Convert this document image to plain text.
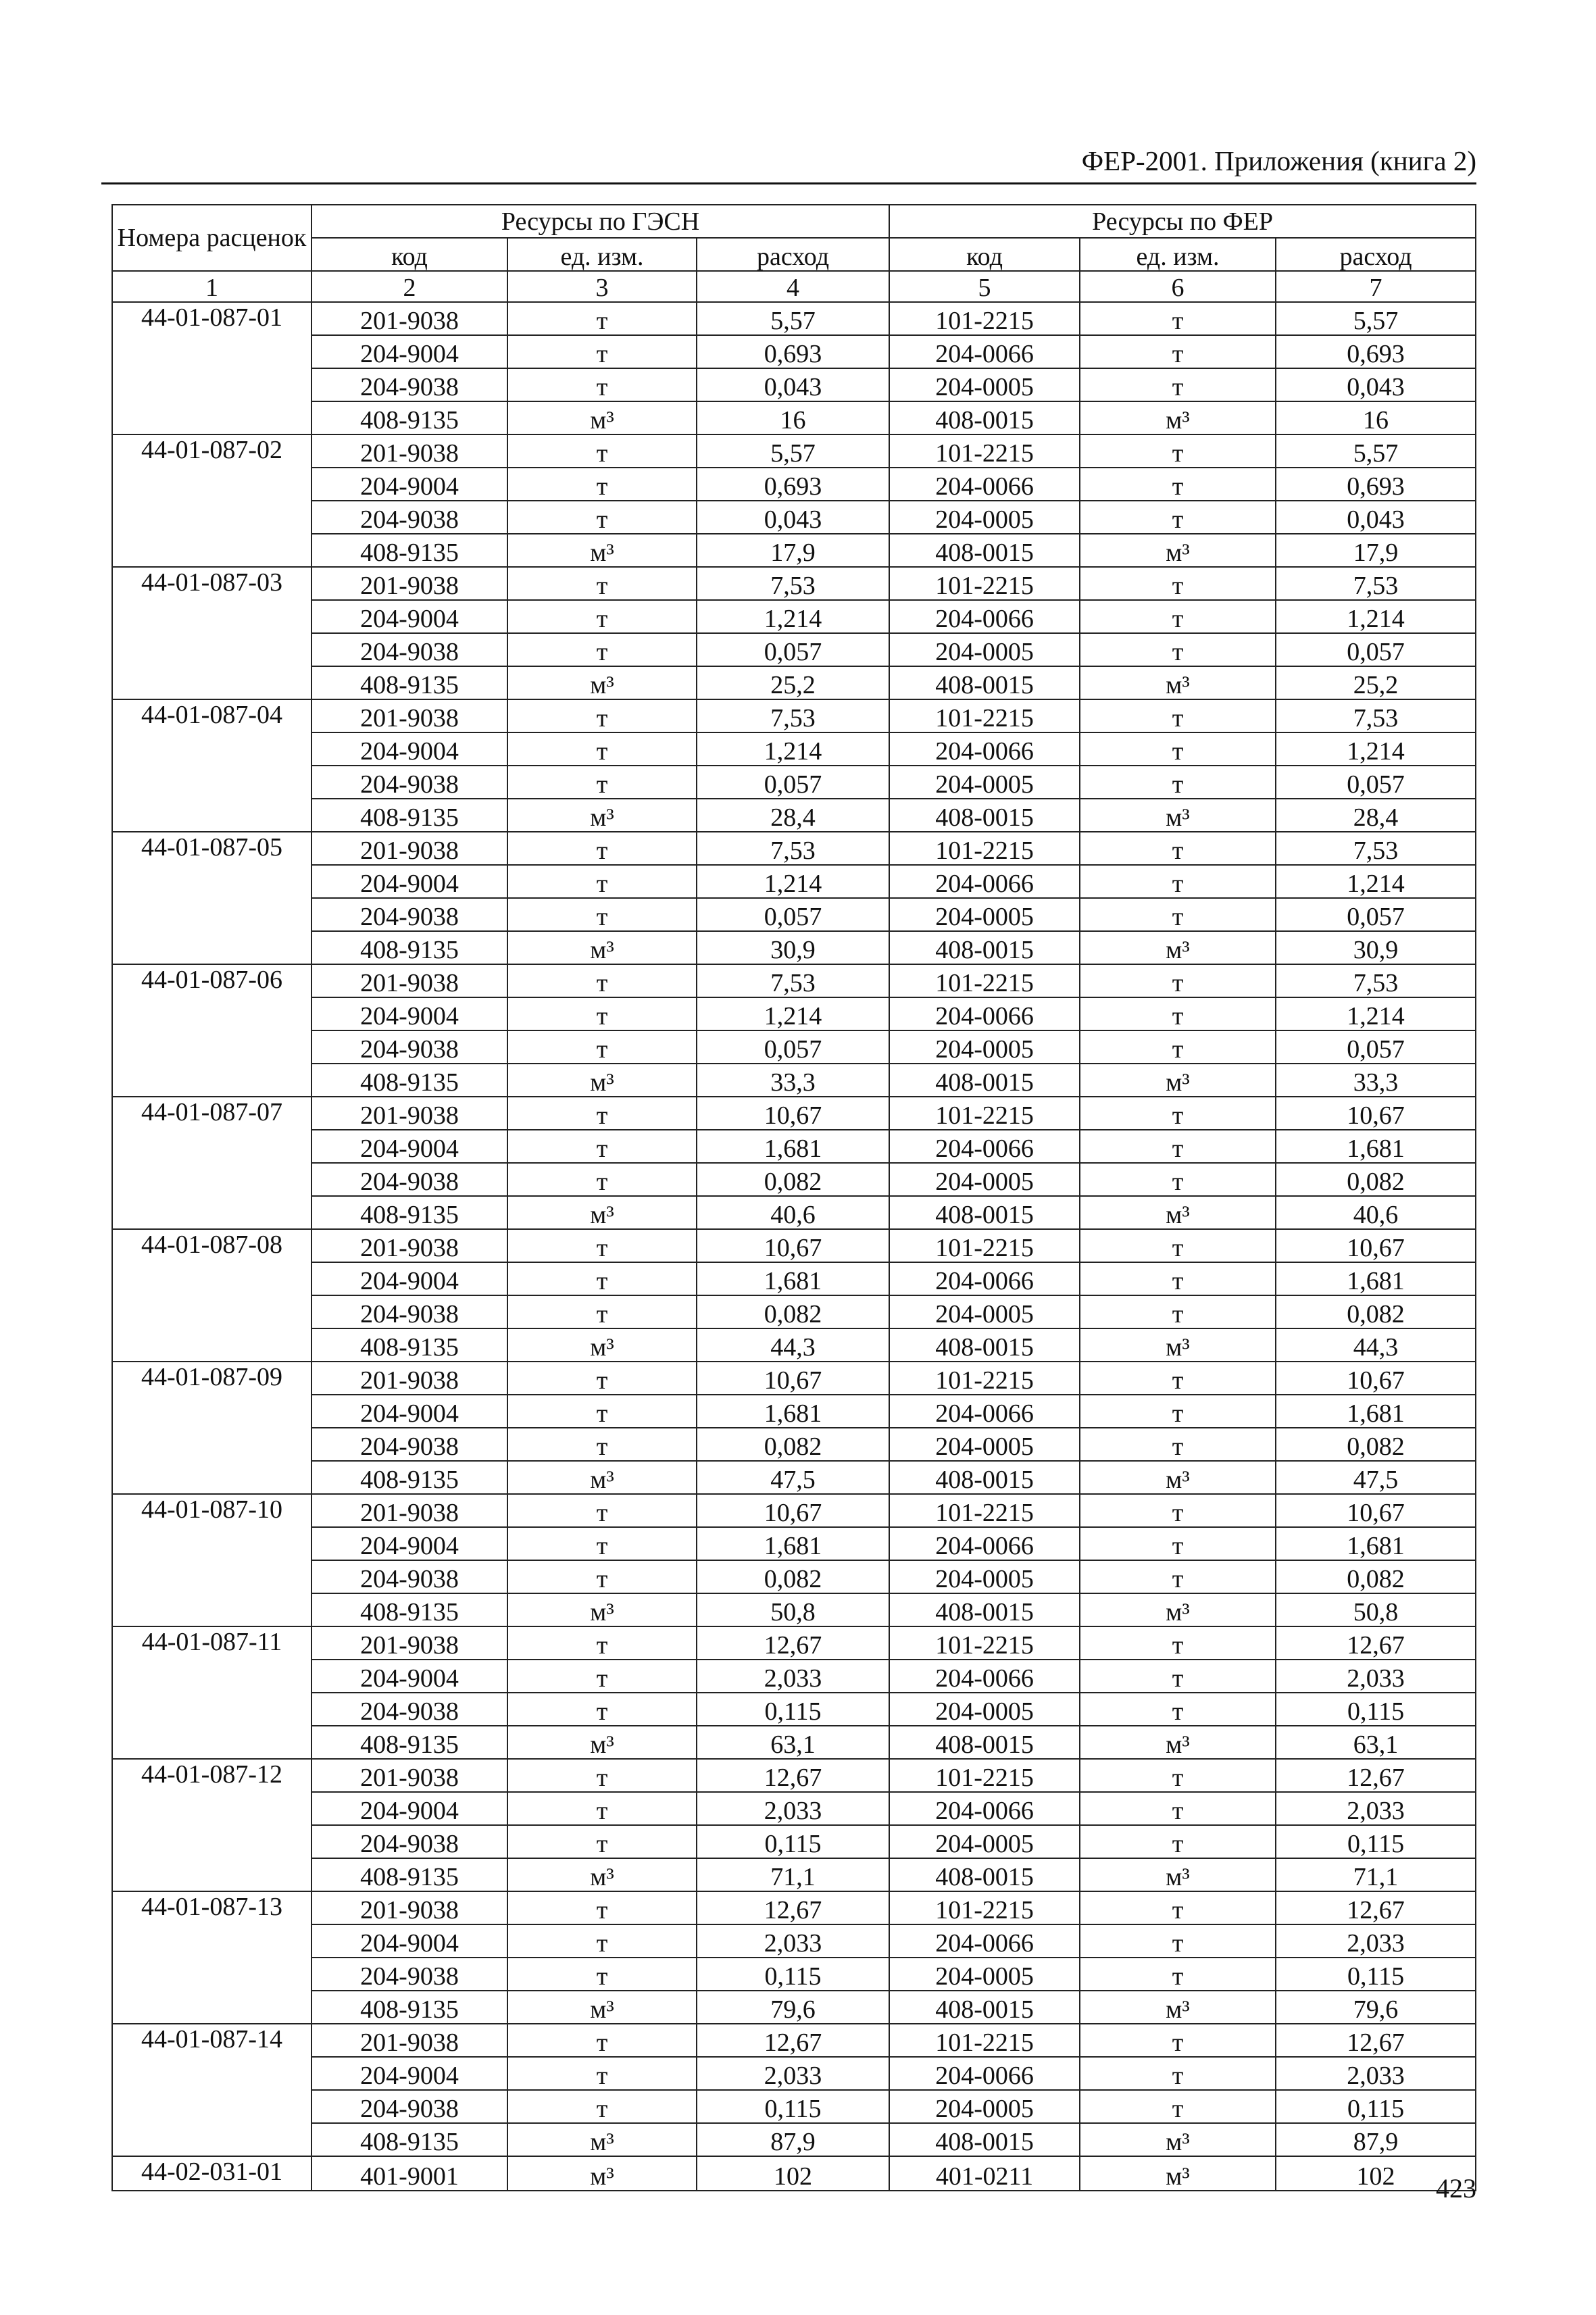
ФЕР-2001. Приложения (книга 2)
Номера расценок	Ресурсы по ГЭСН			Ресурсы по ФЕР		
	код	ед. изм.	расход	код	ед. изм.	расход
1	2	3	4	5	6	7
44-01-087-01	201-9038	т	5,57	101-2215	т	5,57
	204-9004	т	0,693	204-0066	т	0,693
	204-9038	т	0,043	204-0005	т	0,043
	408-9135	м³	16	408-0015	м³	16
44-01-087-02	201-9038	т	5,57	101-2215	т	5,57
	204-9004	т	0,693	204-0066	т	0,693
	204-9038	т	0,043	204-0005	т	0,043
	408-9135	м³	17,9	408-0015	м³	17,9
44-01-087-03	201-9038	т	7,53	101-2215	т	7,53
	204-9004	т	1,214	204-0066	т	1,214
	204-9038	т	0,057	204-0005	т	0,057
	408-9135	м³	25,2	408-0015	м³	25,2
44-01-087-04	201-9038	т	7,53	101-2215	т	7,53
	204-9004	т	1,214	204-0066	т	1,214
	204-9038	т	0,057	204-0005	т	0,057
	408-9135	м³	28,4	408-0015	м³	28,4
44-01-087-05	201-9038	т	7,53	101-2215	т	7,53
	204-9004	т	1,214	204-0066	т	1,214
	204-9038	т	0,057	204-0005	т	0,057
	408-9135	м³	30,9	408-0015	м³	30,9
44-01-087-06	201-9038	т	7,53	101-2215	т	7,53
	204-9004	т	1,214	204-0066	т	1,214
	204-9038	т	0,057	204-0005	т	0,057
	408-9135	м³	33,3	408-0015	м³	33,3
44-01-087-07	201-9038	т	10,67	101-2215	т	10,67
	204-9004	т	1,681	204-0066	т	1,681
	204-9038	т	0,082	204-0005	т	0,082
	408-9135	м³	40,6	408-0015	м³	40,6
44-01-087-08	201-9038	т	10,67	101-2215	т	10,67
	204-9004	т	1,681	204-0066	т	1,681
	204-9038	т	0,082	204-0005	т	0,082
	408-9135	м³	44,3	408-0015	м³	44,3
44-01-087-09	201-9038	т	10,67	101-2215	т	10,67
	204-9004	т	1,681	204-0066	т	1,681
	204-9038	т	0,082	204-0005	т	0,082
	408-9135	м³	47,5	408-0015	м³	47,5
44-01-087-10	201-9038	т	10,67	101-2215	т	10,67
	204-9004	т	1,681	204-0066	т	1,681
	204-9038	т	0,082	204-0005	т	0,082
	408-9135	м³	50,8	408-0015	м³	50,8
44-01-087-11	201-9038	т	12,67	101-2215	т	12,67
	204-9004	т	2,033	204-0066	т	2,033
	204-9038	т	0,115	204-0005	т	0,115
	408-9135	м³	63,1	408-0015	м³	63,1
44-01-087-12	201-9038	т	12,67	101-2215	т	12,67
	204-9004	т	2,033	204-0066	т	2,033
	204-9038	т	0,115	204-0005	т	0,115
	408-9135	м³	71,1	408-0015	м³	71,1
44-01-087-13	201-9038	т	12,67	101-2215	т	12,67
	204-9004	т	2,033	204-0066	т	2,033
	204-9038	т	0,115	204-0005	т	0,115
	408-9135	м³	79,6	408-0015	м³	79,6
44-01-087-14	201-9038	т	12,67	101-2215	т	12,67
	204-9004	т	2,033	204-0066	т	2,033
	204-9038	т	0,115	204-0005	т	0,115
	408-9135	м³	87,9	408-0015	м³	87,9
44-02-031-01	401-9001	м³	102	401-0211	м³	102 423
